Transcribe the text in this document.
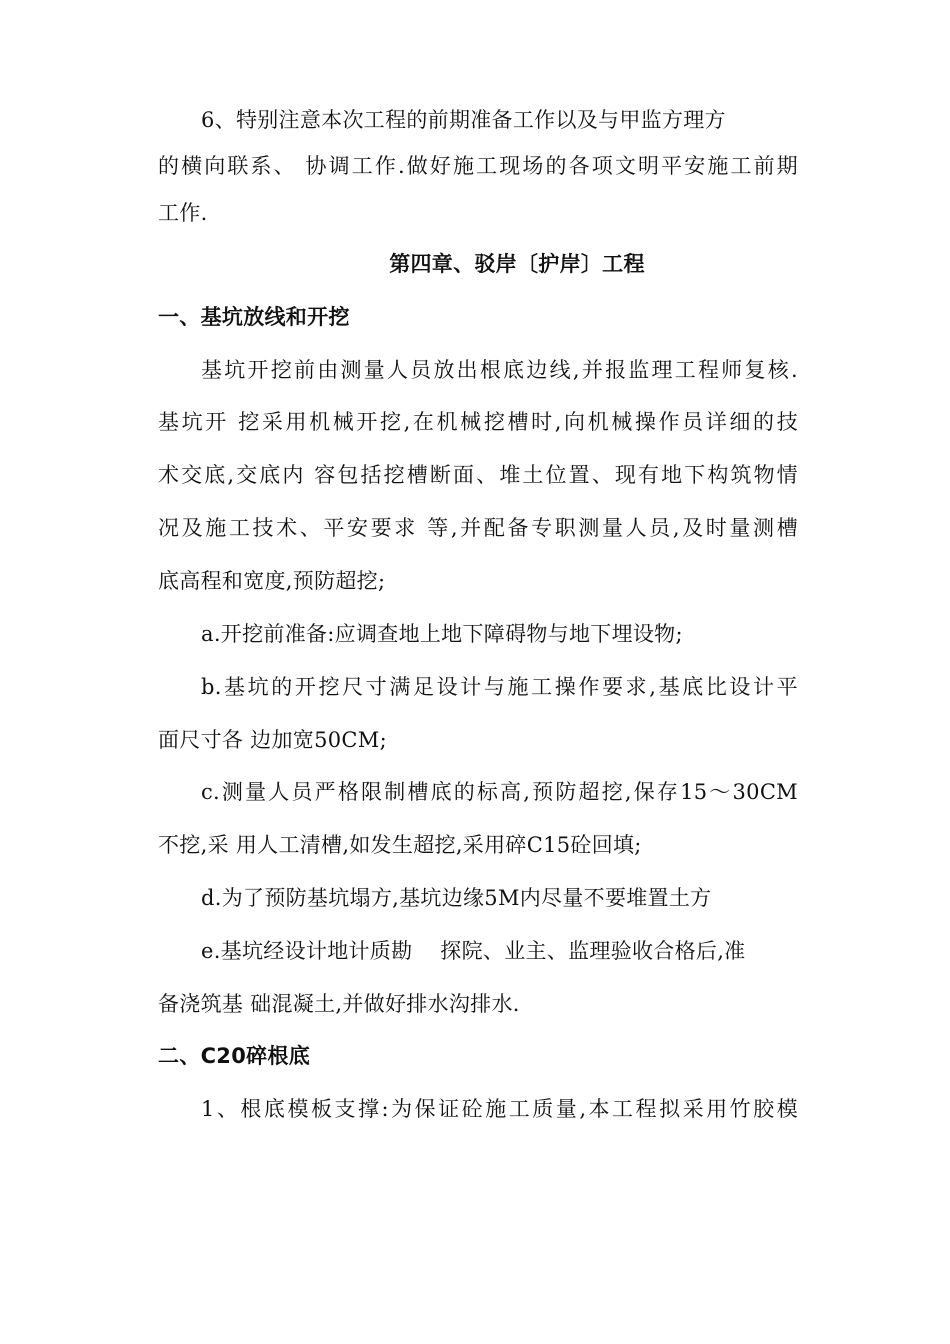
6、特别注意本次工程的前期准备工作以及与甲监方理方
的横向联系、 协调工作.做好施工现场的各项文明平安施工前期
工作.
第四章、驳岸〔护岸〕工程
一、基坑放线和开挖
基坑开挖前由测量人员放出根底边线,并报监理工程师复核.
基坑开 挖采用机械开挖,在机械挖槽时,向机械操作员详细的技
术交底,交底内 容包括挖槽断面、堆土位置、现有地下构筑物情
况及施工技术、平安要求 等,并配备专职测量人员,及时量测槽
底高程和宽度,预防超挖;
a.开挖前准备:应调查地上地下障碍物与地下埋设物;
b.基坑的开挖尺寸满足设计与施工操作要求,基底比设计平
面尺寸各 边加宽50CM;
c.测量人员严格限制槽底的标高,预防超挖,保存15〜30CM
不挖,采 用人工清槽,如发生超挖,采用碎C15砼回填;
d.为了预防基坑塌方,基坑边缘5M内尽量不要堆置土方
e.基坑经设计地计质勘    探院、业主、监理验收合格后,准
备浇筑基 础混凝土,并做好排水沟排水.
二、C20碎根底
1、根底模板支撑:为保证砼施工质量,本工程拟采用竹胶模
